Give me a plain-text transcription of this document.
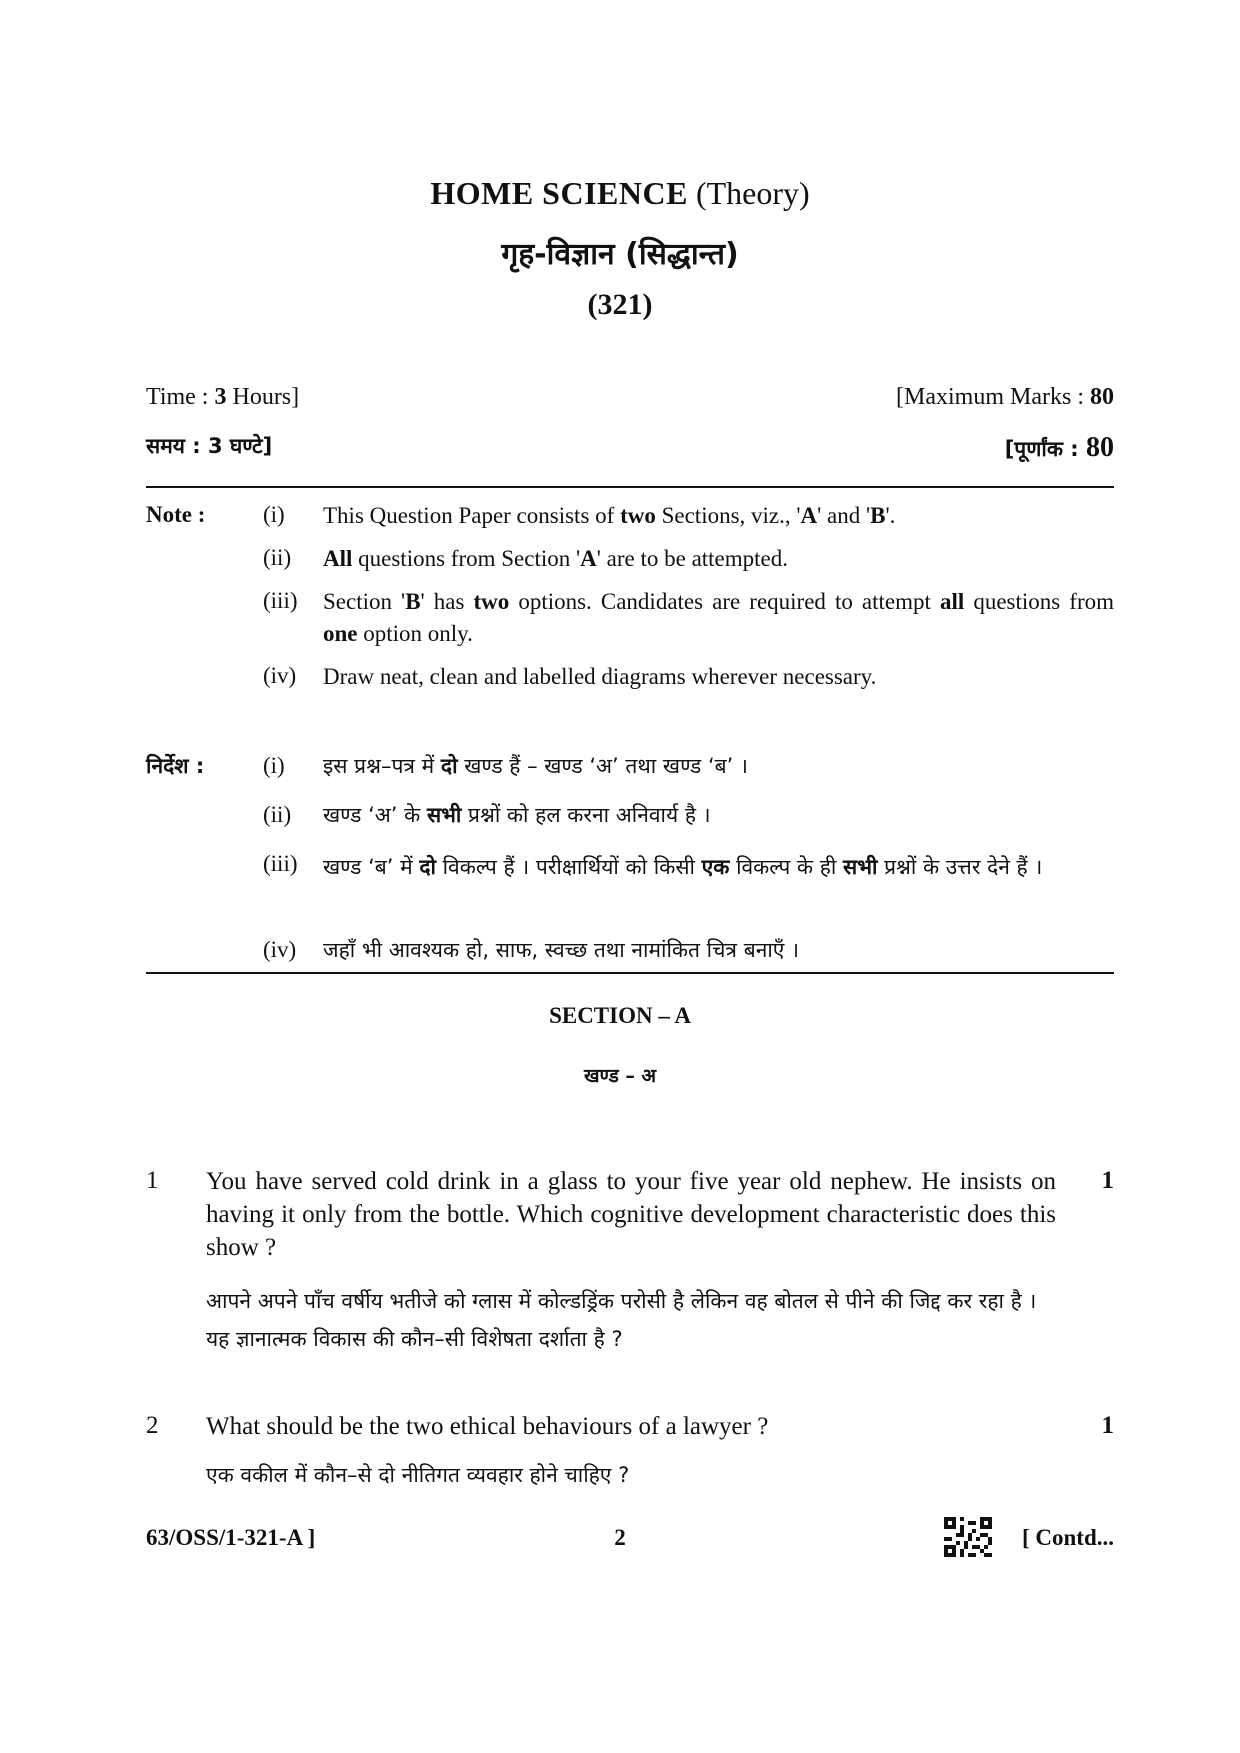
HOME SCIENCE (Theory)
गृह-विज्ञान (सिद्धान्त)
(321)
Time : 3 Hours]	[Maximum Marks : 80
समय : 3 घण्टे]	[पूर्णांक : 80
Note :	(i) This Question Paper consists of two Sections, viz., 'A' and 'B'.
(ii) All questions from Section 'A' are to be attempted.
(iii) Section 'B' has two options. Candidates are required to attempt all questions from one option only.
(iv) Draw neat, clean and labelled diagrams wherever necessary.
निर्देश :	(i) इस प्रश्न–पत्र में दो खण्ड हैं – खण्ड ‘अ’ तथा खण्ड ‘ब’ ।
(ii) खण्ड ‘अ’ के सभी प्रश्नों को हल करना अनिवार्य है ।
(iii) खण्ड ‘ब’ में दो विकल्प हैं । परीक्षार्थियों को किसी एक विकल्प के ही सभी प्रश्नों के उत्तर देने हैं ।
(iv) जहाँ भी आवश्यक हो, साफ, स्वच्छ तथा नामांकित चित्र बनाएँ ।
SECTION – A
खण्ड – अ
1 You have served cold drink in a glass to your five year old nephew. He insists on having it only from the bottle. Which cognitive development characteristic does this show ?
1
आपने अपने पाँच वर्षीय भतीजे को ग्लास में कोल्डड्रिंक परोसी है लेकिन वह बोतल से पीने की जिद्द कर रहा है । यह ज्ञानात्मक विकास की कौन–सी विशेषता दर्शाता है ?
2 What should be the two ethical behaviours of a lawyer ?	1
एक वकील में कौन–से दो नीतिगत व्यवहार होने चाहिए ?
63/OSS/1-321-A ]	2	[ Contd...
